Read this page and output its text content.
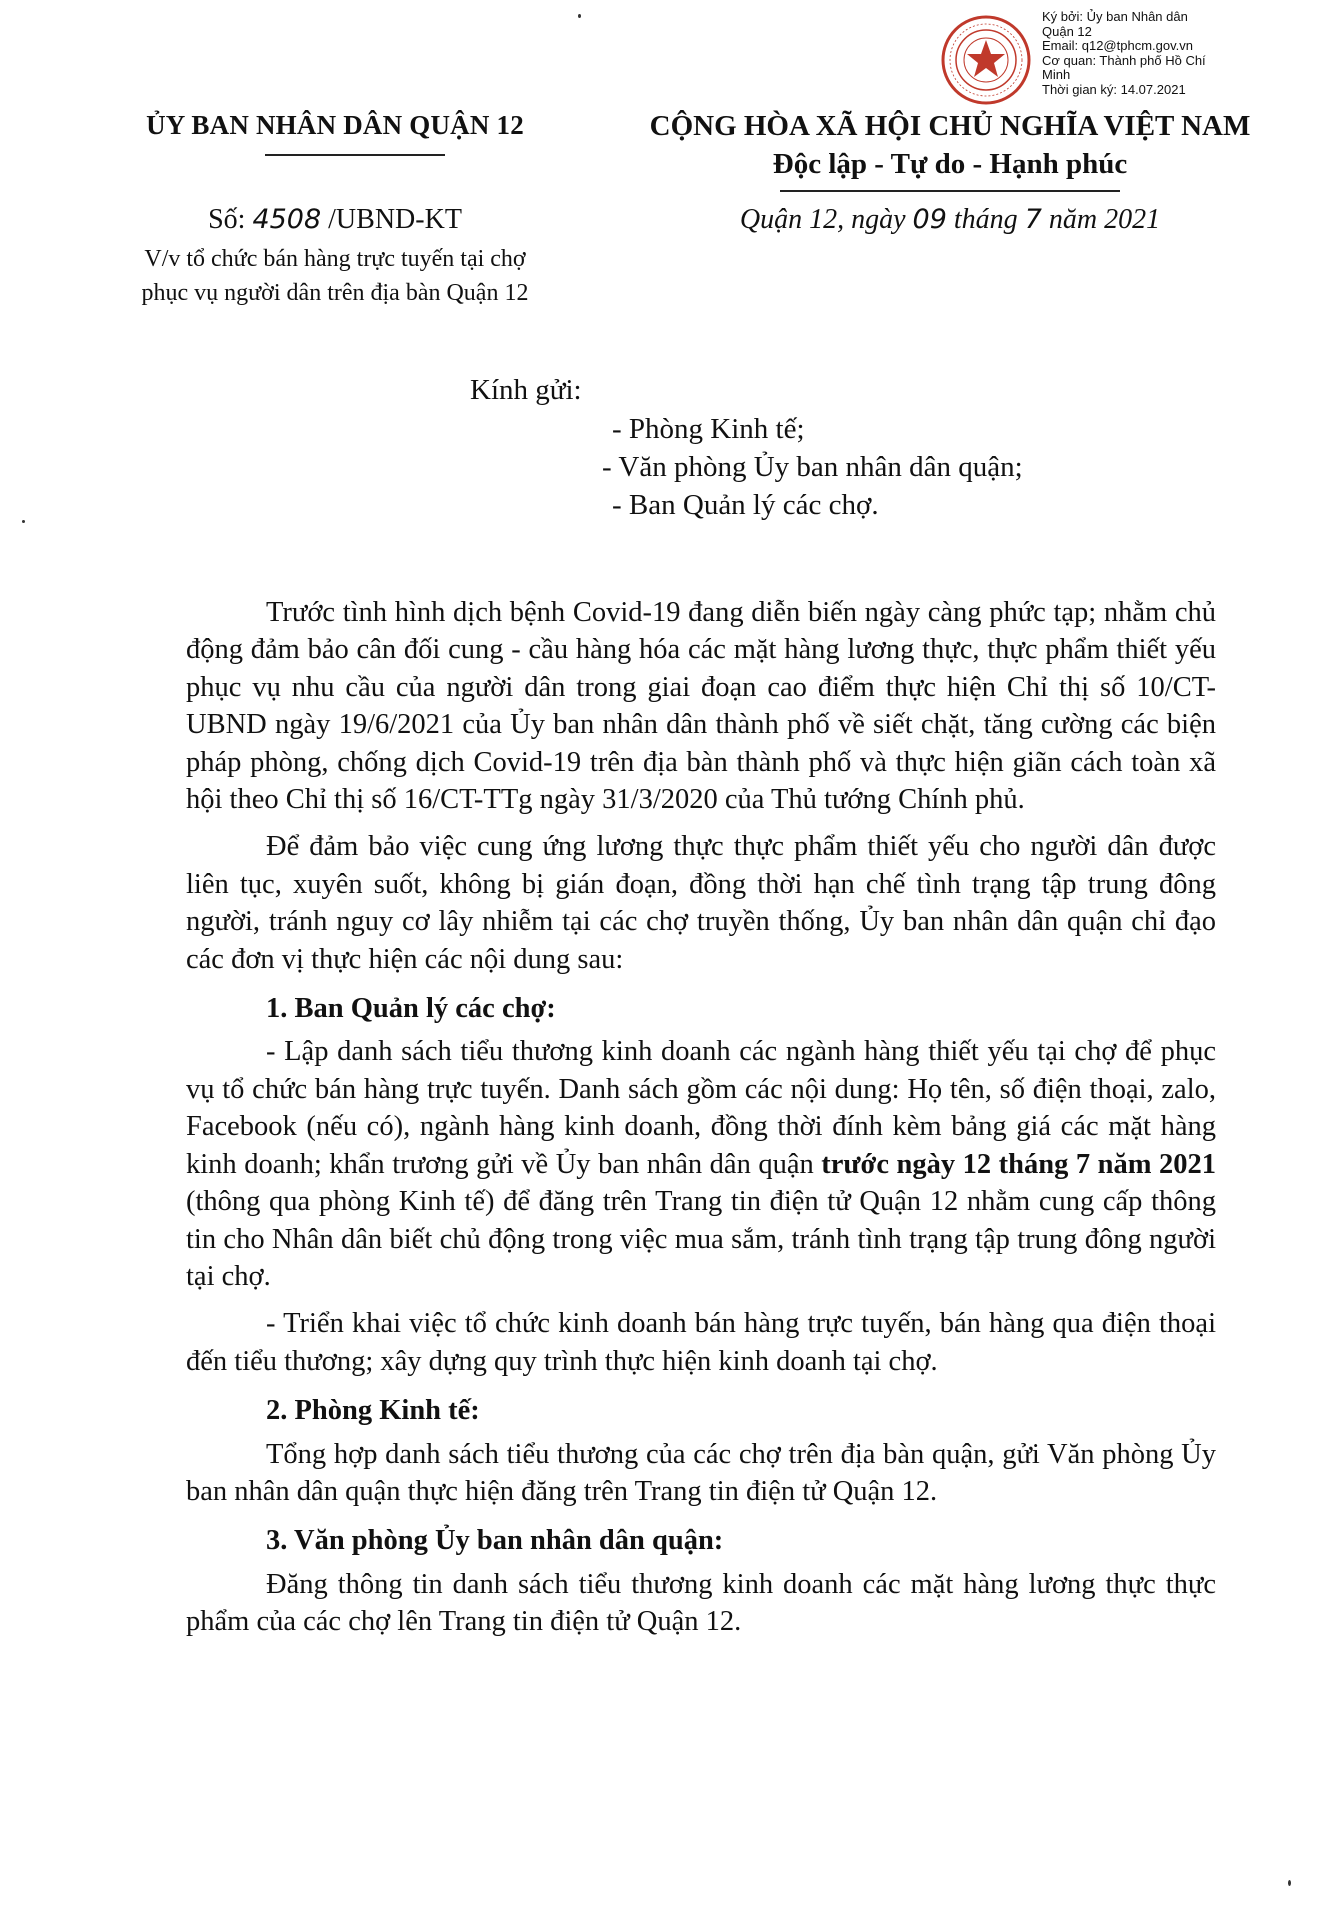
Ký bởi: Ủy ban Nhân dân
Quận 12
Email: q12@tphcm.gov.vn
Cơ quan: Thành phố Hồ Chí
Minh
Thời gian ký: 14.07.2021
ỦY BAN NHÂN DÂN QUẬN 12	CỘNG HÒA XÃ HỘI CHỦ NGHĨA VIỆT NAM
Độc lập - Tự do - Hạnh phúc
Số: 4508 /UBND-KT
V/v tổ chức bán hàng trực tuyến tại chợ
phục vụ người dân trên địa bàn Quận 12
Quận 12, ngày 09 tháng 7 năm 2021
Kính gửi:
- Phòng Kinh tế;
- Văn phòng Ủy ban nhân dân quận;
- Ban Quản lý các chợ.

Trước tình hình dịch bệnh Covid-19 đang diễn biến ngày càng phức tạp; nhằm chủ động đảm bảo cân đối cung - cầu hàng hóa các mặt hàng lương thực, thực phẩm thiết yếu phục vụ nhu cầu của người dân trong giai đoạn cao điểm thực hiện Chỉ thị số 10/CT-UBND ngày 19/6/2021 của Ủy ban nhân dân thành phố về siết chặt, tăng cường các biện pháp phòng, chống dịch Covid-19 trên địa bàn thành phố và thực hiện giãn cách toàn xã hội theo Chỉ thị số 16/CT-TTg ngày 31/3/2020 của Thủ tướng Chính phủ.

Để đảm bảo việc cung ứng lương thực thực phẩm thiết yếu cho người dân được liên tục, xuyên suốt, không bị gián đoạn, đồng thời hạn chế tình trạng tập trung đông người, tránh nguy cơ lây nhiễm tại các chợ truyền thống, Ủy ban nhân dân quận chỉ đạo các đơn vị thực hiện các nội dung sau:

1. Ban Quản lý các chợ:

- Lập danh sách tiểu thương kinh doanh các ngành hàng thiết yếu tại chợ để phục vụ tổ chức bán hàng trực tuyến. Danh sách gồm các nội dung: Họ tên, số điện thoại, zalo, Facebook (nếu có), ngành hàng kinh doanh, đồng thời đính kèm bảng giá các mặt hàng kinh doanh; khẩn trương gửi về Ủy ban nhân dân quận trước ngày 12 tháng 7 năm 2021 (thông qua phòng Kinh tế) để đăng trên Trang tin điện tử Quận 12 nhằm cung cấp thông tin cho Nhân dân biết chủ động trong việc mua sắm, tránh tình trạng tập trung đông người tại chợ.

- Triển khai việc tổ chức kinh doanh bán hàng trực tuyến, bán hàng qua điện thoại đến tiểu thương; xây dựng quy trình thực hiện kinh doanh tại chợ.

2. Phòng Kinh tế:

Tổng hợp danh sách tiểu thương của các chợ trên địa bàn quận, gửi Văn phòng Ủy ban nhân dân quận thực hiện đăng trên Trang tin điện tử Quận 12.

3. Văn phòng Ủy ban nhân dân quận:

Đăng thông tin danh sách tiểu thương kinh doanh các mặt hàng lương thực thực phẩm của các chợ lên Trang tin điện tử Quận 12.
